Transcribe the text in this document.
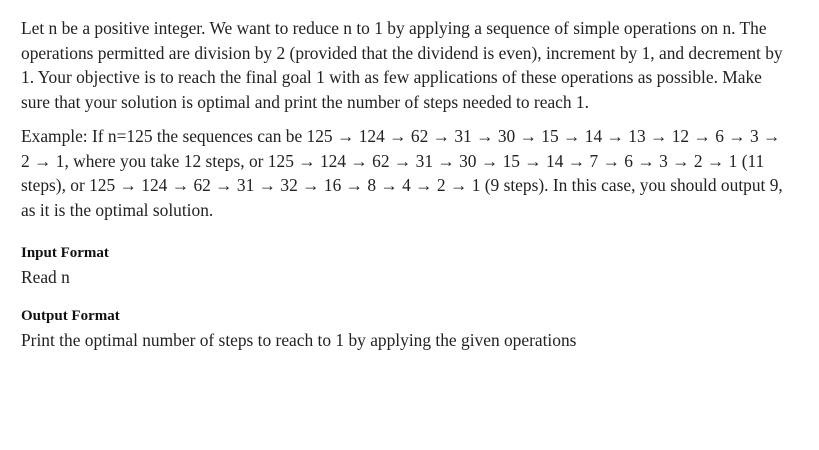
Let n be a positive integer. We want to reduce n to 1 by applying a sequence of simple operations on n. The operations permitted are division by 2 (provided that the dividend is even), increment by 1, and decrement by 1. Your objective is to reach the final goal 1 with as few applications of these operations as possible. Make sure that your solution is optimal and print the number of steps needed to reach 1.

Example: If n=125 the sequences can be 125 → 124 → 62 → 31 → 30 → 15 → 14 → 13 → 12 → 6 → 3 → 2 → 1, where you take 12 steps, or 125 → 124 → 62 → 31 → 30 → 15 → 14 → 7 → 6 → 3 → 2 → 1 (11 steps), or 125 → 124 → 62 → 31 → 32 → 16 → 8 → 4 → 2 → 1 (9 steps). In this case, you should output 9, as it is the optimal solution.

Input Format

Read n

Output Format

Print the optimal number of steps to reach to 1 by applying the given operations
